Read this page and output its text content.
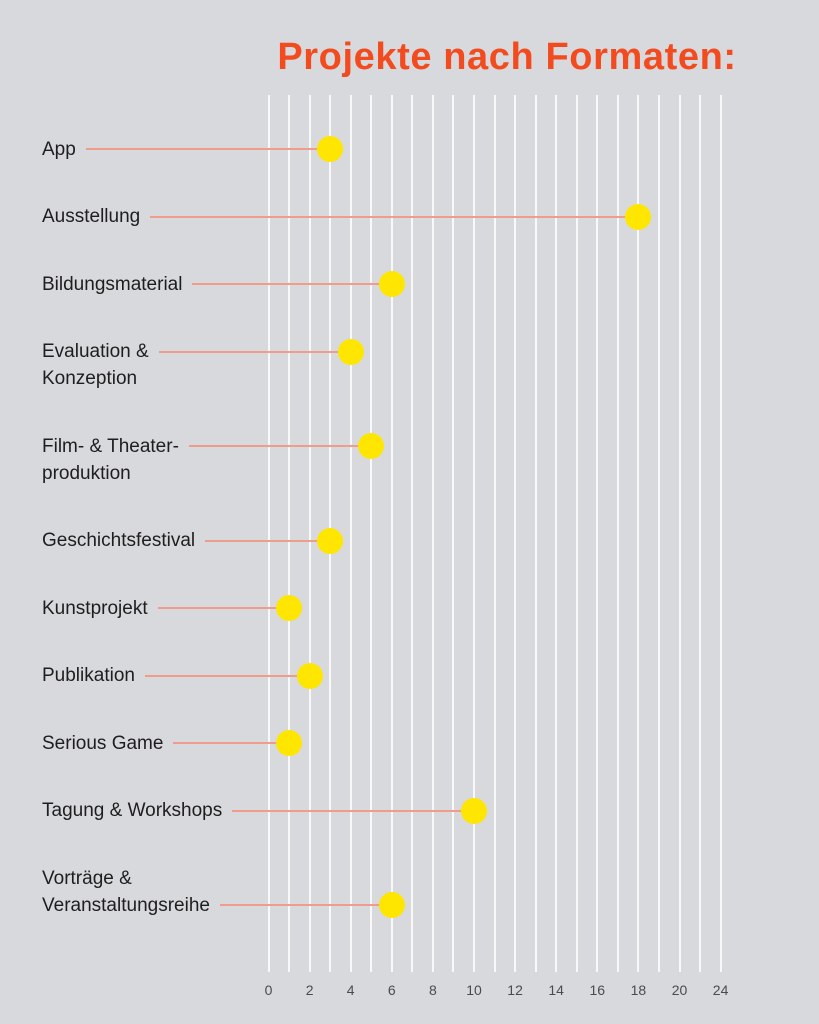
Projekte nach Formaten:
0	2	4	6	8	10	12	14	16	18	20	24
App
Ausstellung
Bildungsmaterial
Evaluation &
Konzeption
Film- & Theater-
produktion
Geschichtsfestival
Kunstprojekt
Publikation
Serious Game
Tagung & Workshops
Vorträge &
Veranstaltungsreihe
